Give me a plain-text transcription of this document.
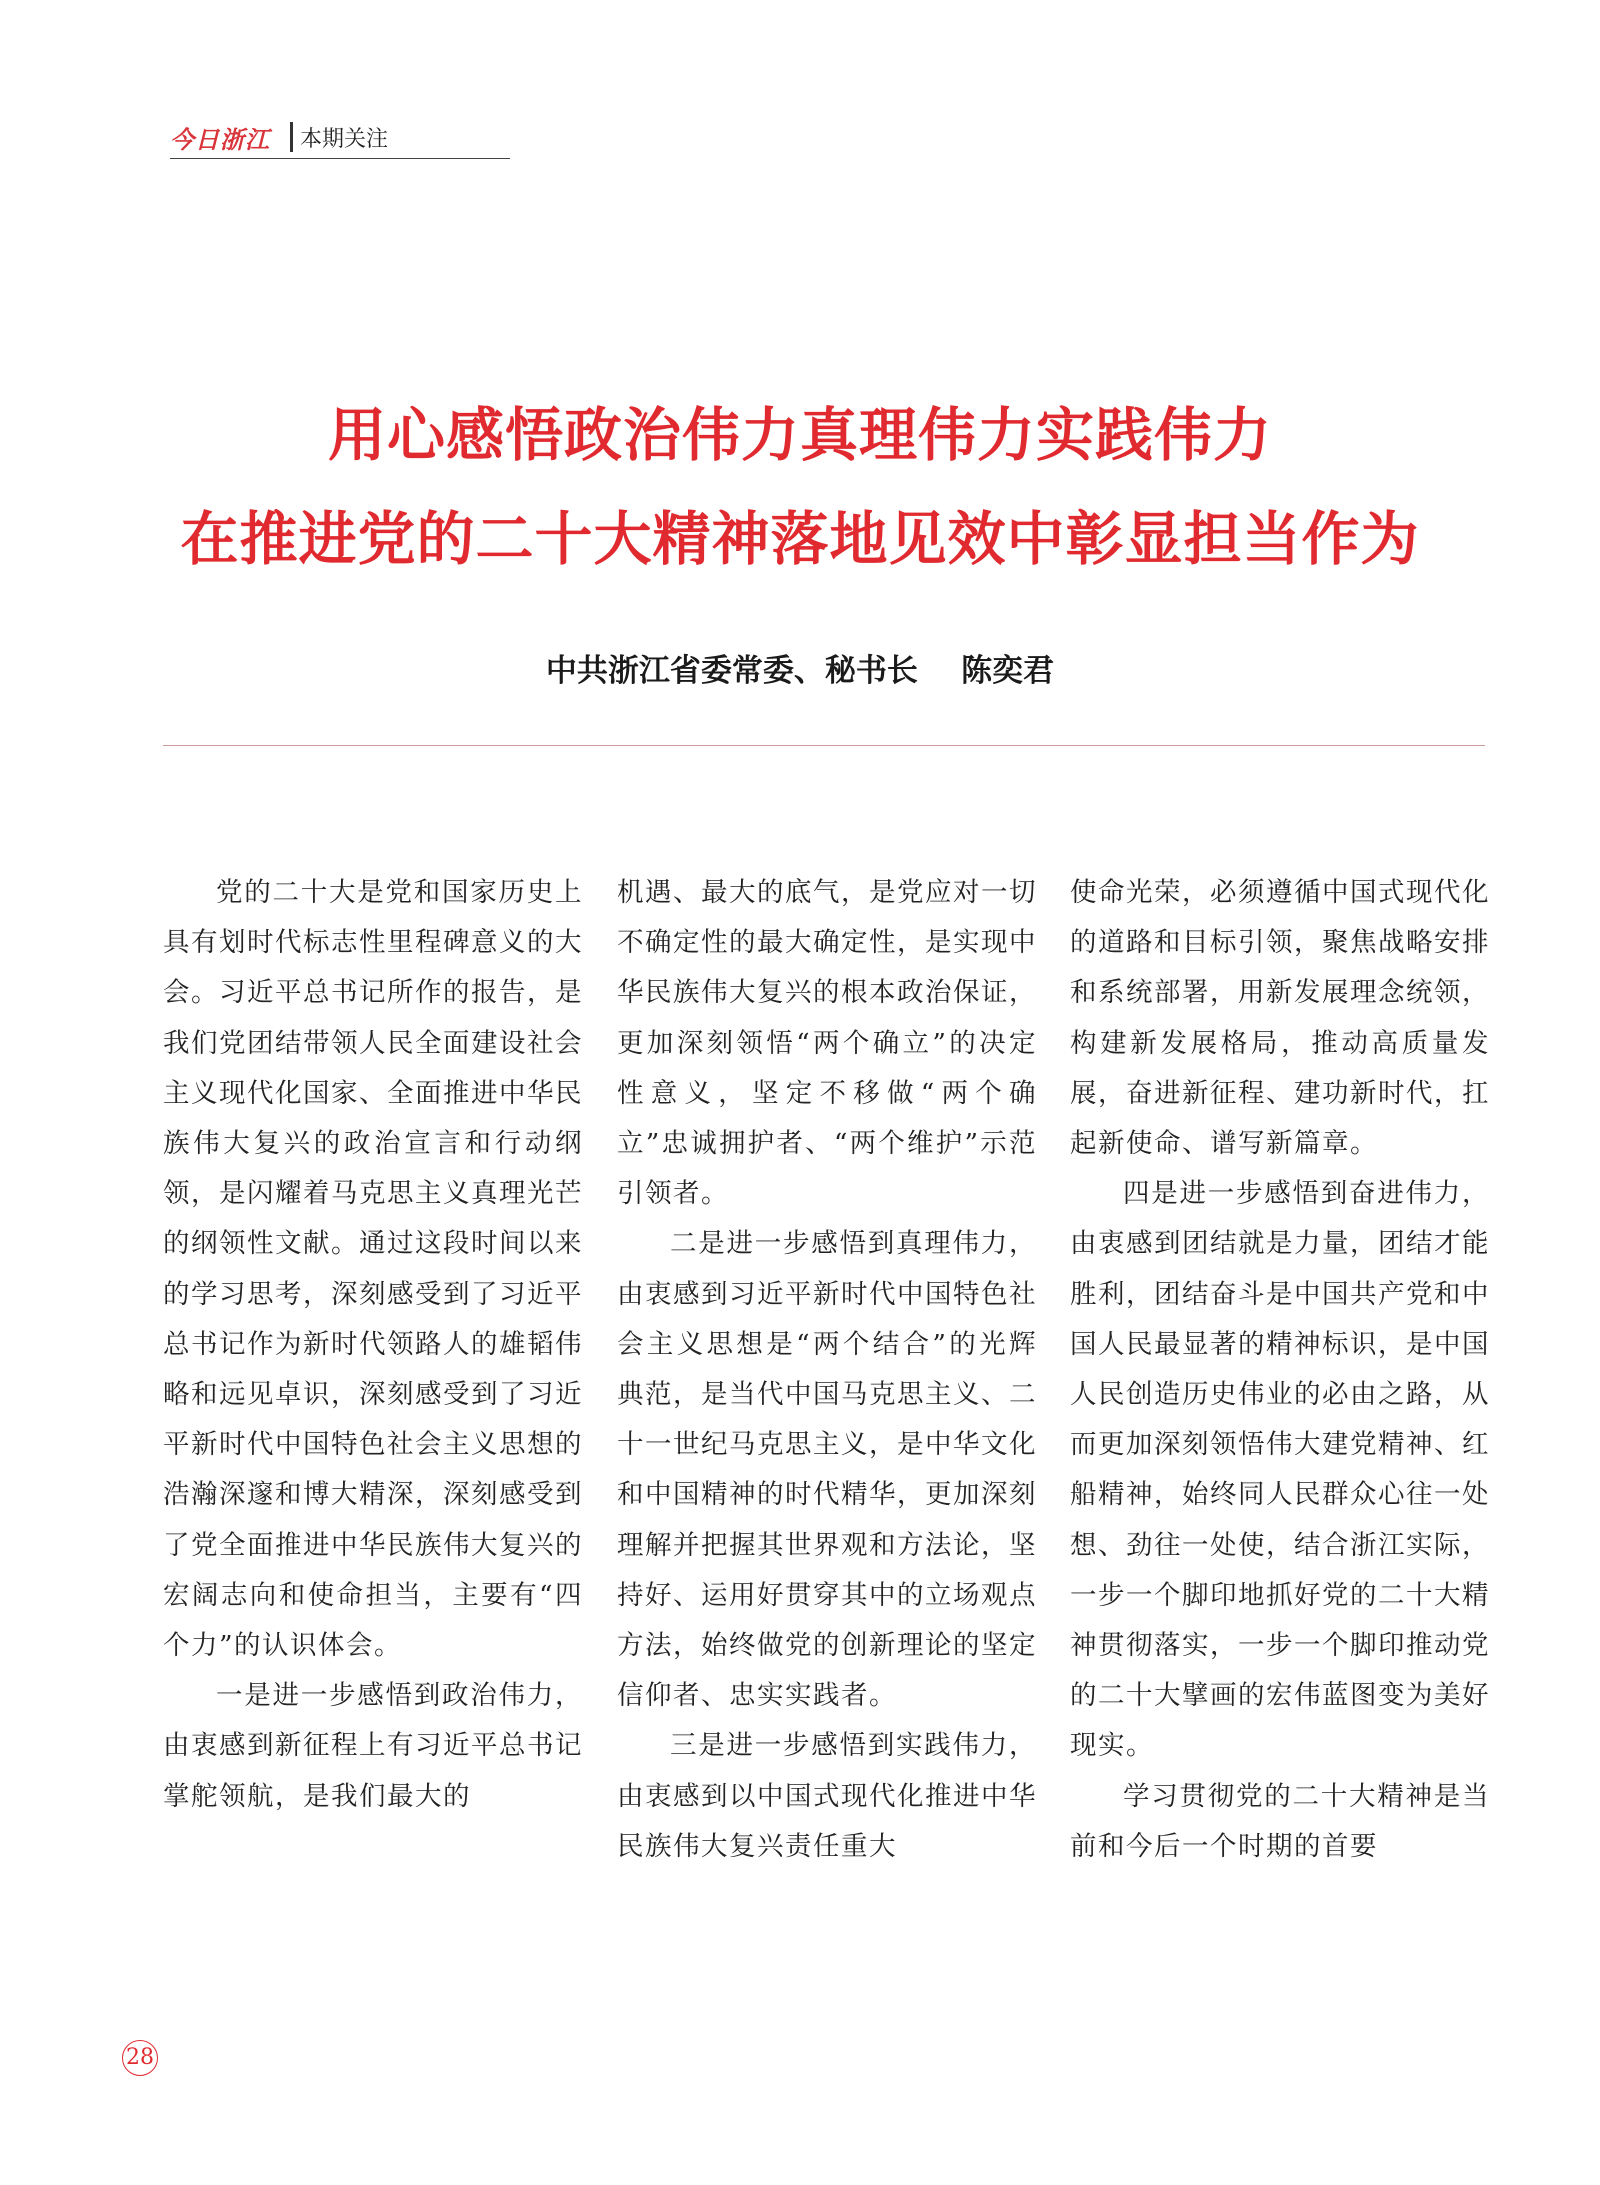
今日浙江 本期关注
用心感悟政治伟力真理伟力实践伟力
在推进党的二十大精神落地见效中彰显担当作为
中共浙江省委常委、秘书长    陈奕君

党的二十大是党和国家历史上具有划时代标志性里程碑意义的大会。习近平总书记所作的报告，是我们党团结带领人民全面建设社会主义现代化国家、全面推进中华民族伟大复兴的政治宣言和行动纲领，是闪耀着马克思主义真理光芒的纲领性文献。通过这段时间以来的学习思考，深刻感受到了习近平总书记作为新时代领路人的雄韬伟略和远见卓识，深刻感受到了习近平新时代中国特色社会主义思想的浩瀚深邃和博大精深，深刻感受到了党全面推进中华民族伟大复兴的宏阔志向和使命担当，主要有“四个力”的认识体会。

一是进一步感悟到政治伟力，由衷感到新征程上有习近平总书记掌舵领航，是我们最大的

机遇、最大的底气，是党应对一切不确定性的最大确定性，是实现中华民族伟大复兴的根本政治保证，更加深刻领悟“两个确立”的决定性意义，坚定不移做“两个确立”忠诚拥护者、“两个维护”示范引领者。

二是进一步感悟到真理伟力，由衷感到习近平新时代中国特色社会主义思想是“两个结合”的光辉典范，是当代中国马克思主义、二十一世纪马克思主义，是中华文化和中国精神的时代精华，更加深刻理解并把握其世界观和方法论，坚持好、运用好贯穿其中的立场观点方法，始终做党的创新理论的坚定信仰者、忠实实践者。

三是进一步感悟到实践伟力，由衷感到以中国式现代化推进中华民族伟大复兴责任重大

使命光荣，必须遵循中国式现代化的道路和目标引领，聚焦战略安排和系统部署，用新发展理念统领，构建新发展格局，推动高质量发展，奋进新征程、建功新时代，扛起新使命、谱写新篇章。

四是进一步感悟到奋进伟力，由衷感到团结就是力量，团结才能胜利，团结奋斗是中国共产党和中国人民最显著的精神标识，是中国人民创造历史伟业的必由之路，从而更加深刻领悟伟大建党精神、红船精神，始终同人民群众心往一处想、劲往一处使，结合浙江实际，一步一个脚印地抓好党的二十大精神贯彻落实，一步一个脚印推动党的二十大擘画的宏伟蓝图变为美好现实。

学习贯彻党的二十大精神是当前和今后一个时期的首要

28
